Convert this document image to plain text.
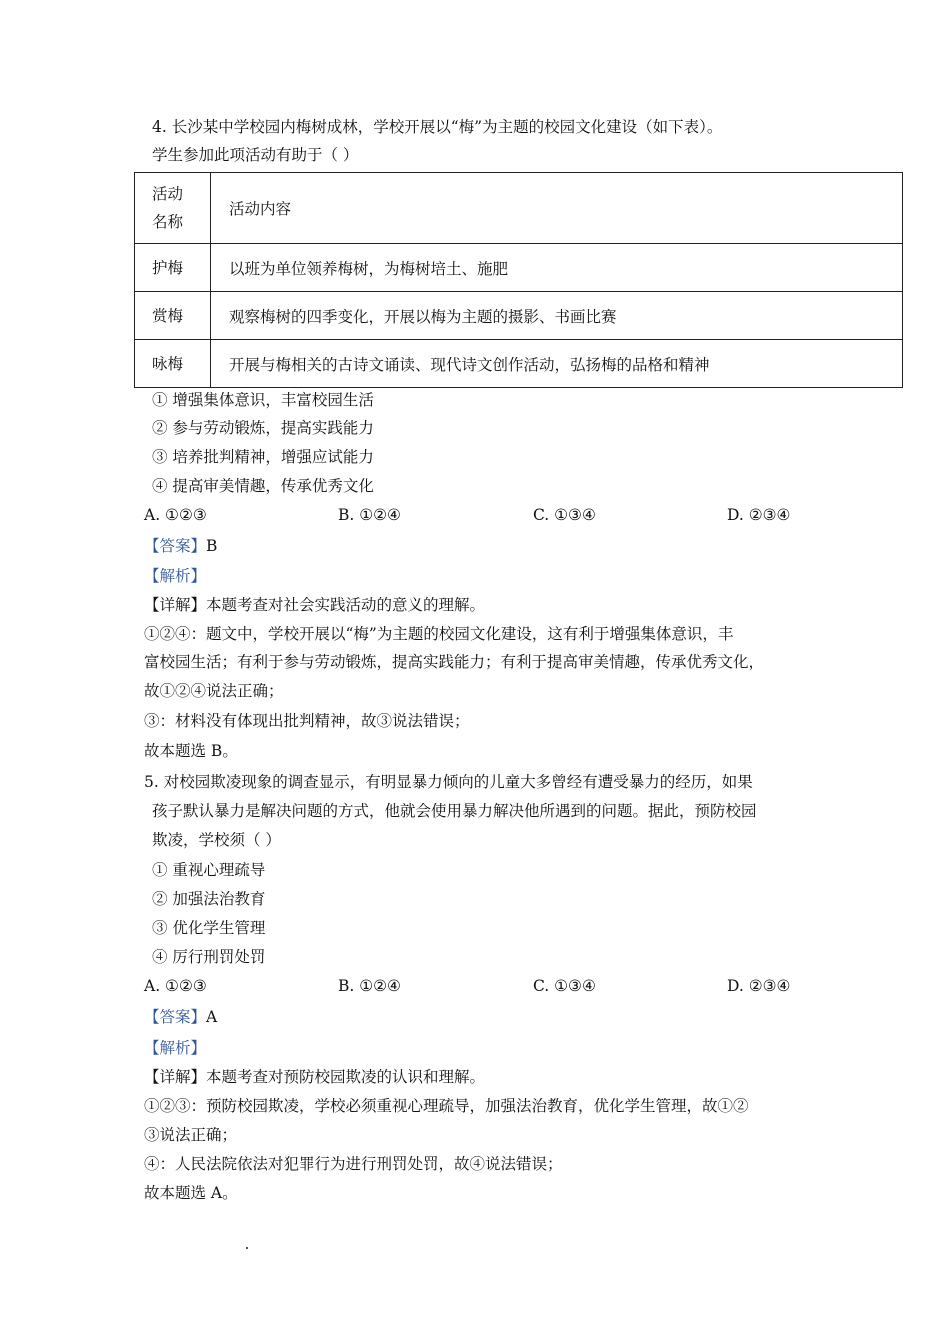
4. 长沙某中学校园内梅树成林，学校开展以“梅”为主题的校园文化建设（如下表）。
学生参加此项活动有助于（ ）
活动
名称	活动内容
护梅	以班为单位领养梅树，为梅树培土、施肥
赏梅	观察梅树的四季变化，开展以梅为主题的摄影、书画比赛
咏梅	开展与梅相关的古诗文诵读、现代诗文创作活动，弘扬梅的品格和精神
① 增强集体意识，丰富校园生活
② 参与劳动锻炼，提高实践能力
③ 培养批判精神，增强应试能力
④ 提高审美情趣，传承优秀文化
A. ①②③	B. ①②④	C. ①③④	D. ②③④
【答案】B
【解析】
【详解】本题考查对社会实践活动的意义的理解。
①②④：题文中，学校开展以“梅”为主题的校园文化建设，这有利于增强集体意识，丰
富校园生活；有利于参与劳动锻炼，提高实践能力；有利于提高审美情趣，传承优秀文化，
故①②④说法正确；
③：材料没有体现出批判精神，故③说法错误；
故本题选 B。
5. 对校园欺凌现象的调查显示，有明显暴力倾向的儿童大多曾经有遭受暴力的经历，如果
孩子默认暴力是解决问题的方式，他就会使用暴力解决他所遇到的问题。据此，预防校园
欺凌，学校须（ ）
① 重视心理疏导
② 加强法治教育
③ 优化学生管理
④ 厉行刑罚处罚
A. ①②③	B. ①②④	C. ①③④	D. ②③④
【答案】A
【解析】
【详解】本题考查对预防校园欺凌的认识和理解。
①②③：预防校园欺凌，学校必须重视心理疏导，加强法治教育，优化学生管理，故①②
③说法正确；
④：人民法院依法对犯罪行为进行刑罚处罚，故④说法错误；
故本题选 A。
